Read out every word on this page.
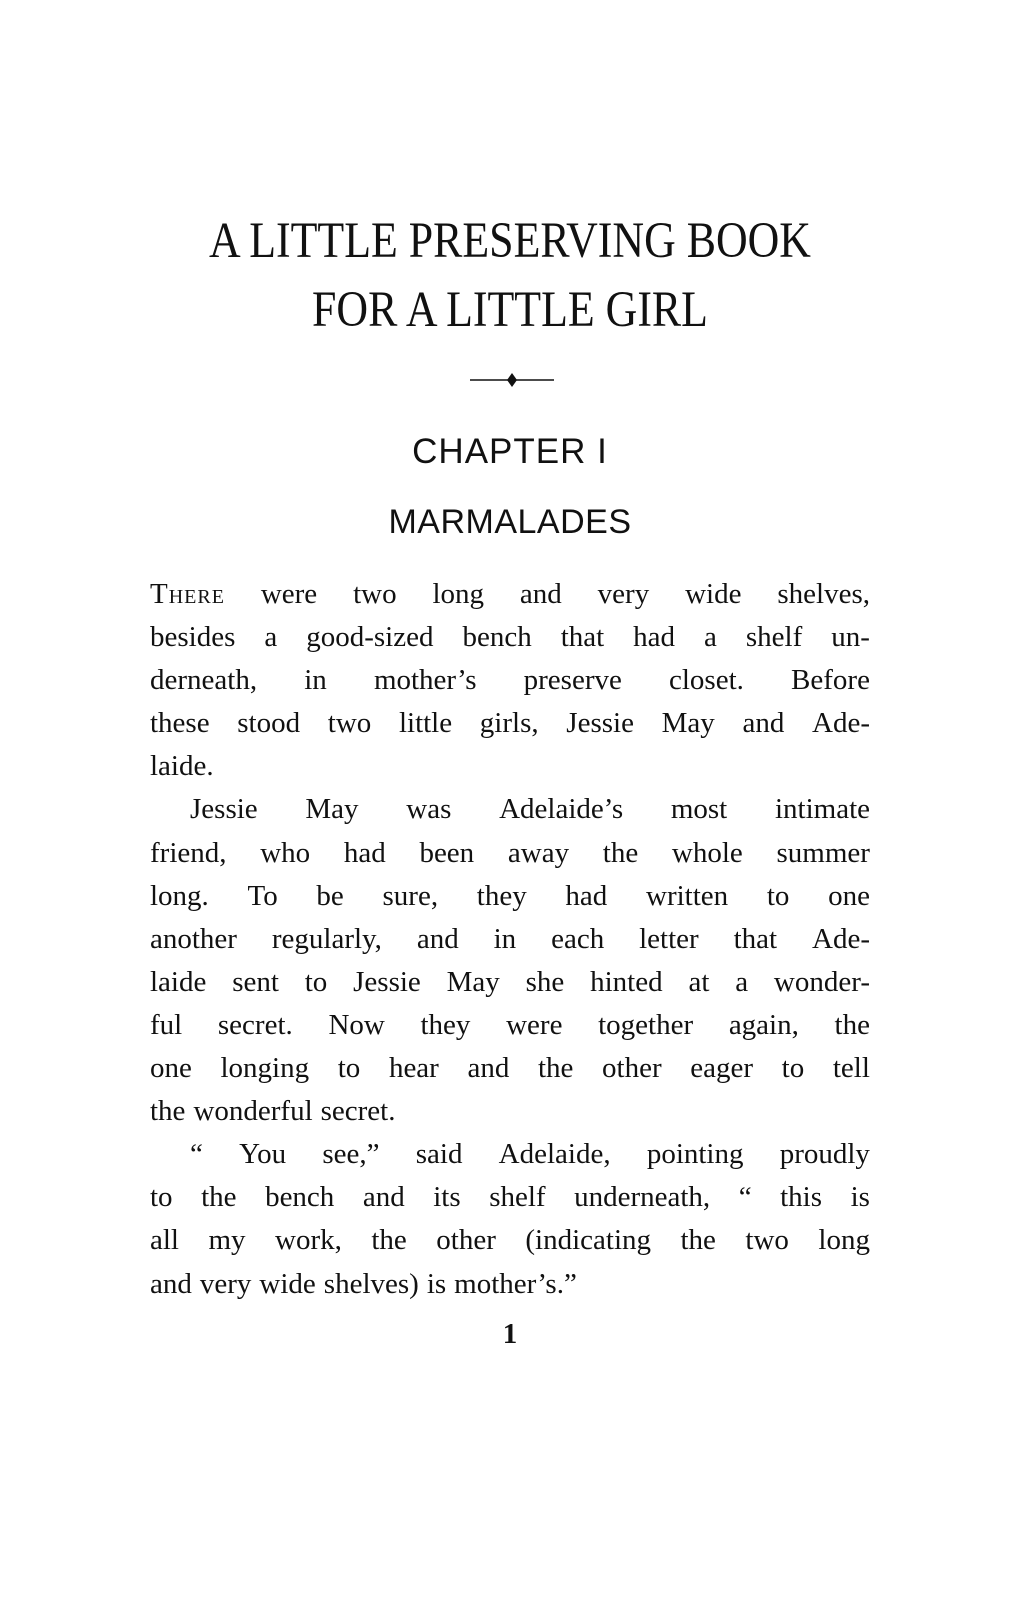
A LITTLE PRESERVING BOOK
FOR A LITTLE GIRL
CHAPTER I
MARMALADES
There were two long and very wide shelves,
besides a good-sized bench that had a shelf un-
derneath, in mother’s preserve closet. Before
these stood two little girls, Jessie May and Ade-
laide.
Jessie May was Adelaide’s most intimate
friend, who had been away the whole summer
long. To be sure, they had written to one
another regularly, and in each letter that Ade-
laide sent to Jessie May she hinted at a wonder-
ful secret. Now they were together again, the
one longing to hear and the other eager to tell
the wonderful secret.
“ You see,” said Adelaide, pointing proudly
to the bench and its shelf underneath, “ this is
all my work, the other (indicating the two long
and very wide shelves) is mother’s.”
1
